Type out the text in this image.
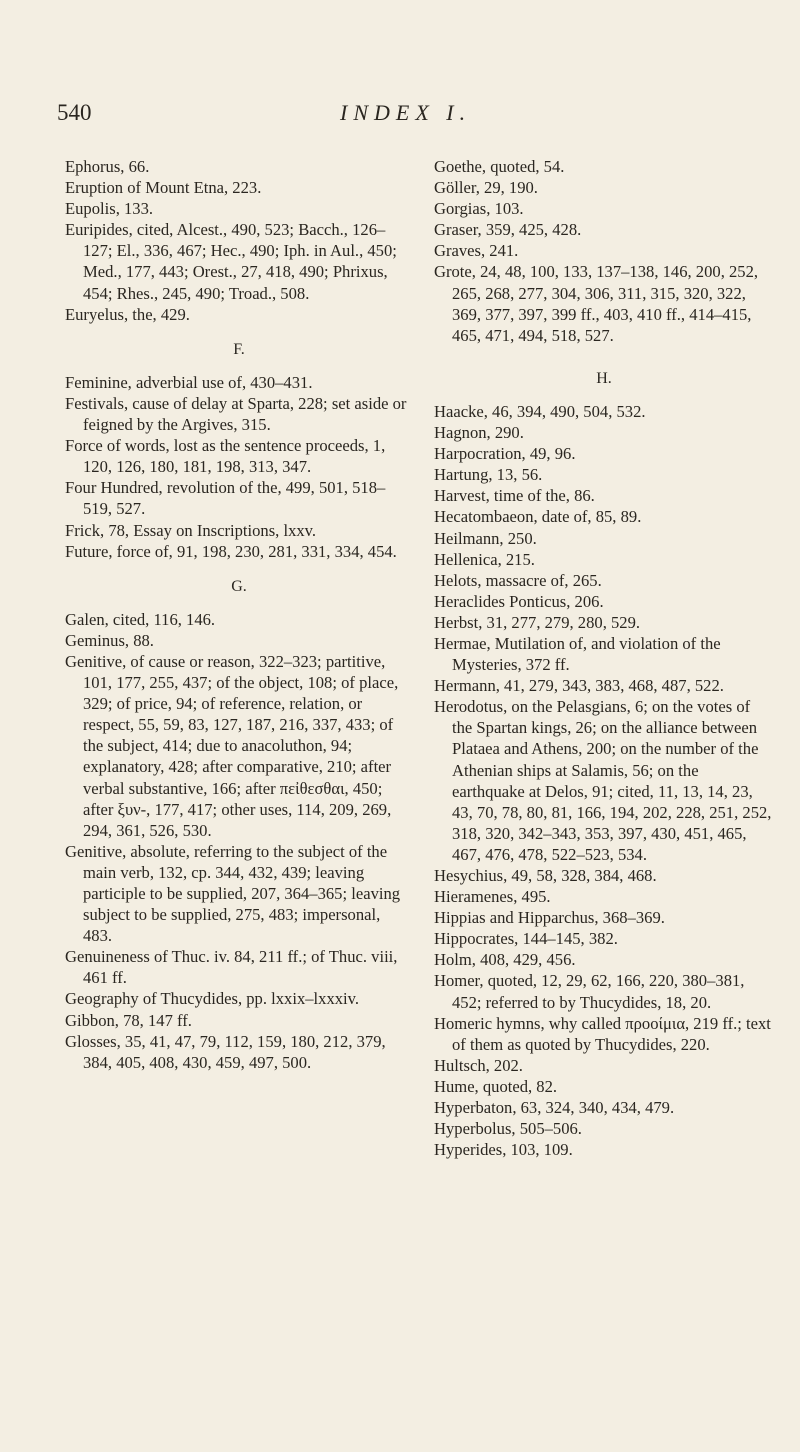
540	INDEX I.
Ephorus, 66.
Eruption of Mount Etna, 223.
Eupolis, 133.
Euripides, cited, Alcest., 490, 523; Bacch., 126–127; El., 336, 467; Hec., 490; Iph. in Aul., 450; Med., 177, 443; Orest., 27, 418, 490; Phrixus, 454; Rhes., 245, 490; Troad., 508.
Euryelus, the, 429.
F.
Feminine, adverbial use of, 430–431.
Festivals, cause of delay at Sparta, 228; set aside or feigned by the Argives, 315.
Force of words, lost as the sentence proceeds, 1, 120, 126, 180, 181, 198, 313, 347.
Four Hundred, revolution of the, 499, 501, 518–519, 527.
Frick, 78, Essay on Inscriptions, lxxv.
Future, force of, 91, 198, 230, 281, 331, 334, 454.
G.
Galen, cited, 116, 146.
Geminus, 88.
Genitive, of cause or reason, 322–323; partitive, 101, 177, 255, 437; of the object, 108; of place, 329; of price, 94; of reference, relation, or respect, 55, 59, 83, 127, 187, 216, 337, 433; of the subject, 414; due to anacoluthon, 94; explanatory, 428; after comparative, 210; after verbal substantive, 166; after πεἰθεσθαι, 450; after ξυν-, 177, 417; other uses, 114, 209, 269, 294, 361, 526, 530.
Genitive, absolute, referring to the subject of the main verb, 132, cp. 344, 432, 439; leaving participle to be supplied, 207, 364–365; leaving subject to be supplied, 275, 483; impersonal, 483.
Genuineness of Thuc. iv. 84, 211 ff.; of Thuc. viii, 461 ff.
Geography of Thucydides, pp. lxxix–lxxxiv.
Gibbon, 78, 147 ff.
Glosses, 35, 41, 47, 79, 112, 159, 180, 212, 379, 384, 405, 408, 430, 459, 497, 500.
Goethe, quoted, 54.
Göller, 29, 190.
Gorgias, 103.
Graser, 359, 425, 428.
Graves, 241.
Grote, 24, 48, 100, 133, 137–138, 146, 200, 252, 265, 268, 277, 304, 306, 311, 315, 320, 322, 369, 377, 397, 399 ff., 403, 410 ff., 414–415, 465, 471, 494, 518, 527.
H.
Haacke, 46, 394, 490, 504, 532.
Hagnon, 290.
Harpocration, 49, 96.
Hartung, 13, 56.
Harvest, time of the, 86.
Hecatombaeon, date of, 85, 89.
Heilmann, 250.
Hellenica, 215.
Helots, massacre of, 265.
Heraclides Ponticus, 206.
Herbst, 31, 277, 279, 280, 529.
Hermae, Mutilation of, and violation of the Mysteries, 372 ff.
Hermann, 41, 279, 343, 383, 468, 487, 522.
Herodotus, on the Pelasgians, 6; on the votes of the Spartan kings, 26; on the alliance between Plataea and Athens, 200; on the number of the Athenian ships at Salamis, 56; on the earthquake at Delos, 91; cited, 11, 13, 14, 23, 43, 70, 78, 80, 81, 166, 194, 202, 228, 251, 252, 318, 320, 342–343, 353, 397, 430, 451, 465, 467, 476, 478, 522–523, 534.
Hesychius, 49, 58, 328, 384, 468.
Hieramenes, 495.
Hippias and Hipparchus, 368–369.
Hippocrates, 144–145, 382.
Holm, 408, 429, 456.
Homer, quoted, 12, 29, 62, 166, 220, 380–381, 452; referred to by Thucydides, 18, 20.
Homeric hymns, why called προοίμια, 219 ff.; text of them as quoted by Thucydides, 220.
Hultsch, 202.
Hume, quoted, 82.
Hyperbaton, 63, 324, 340, 434, 479.
Hyperbolus, 505–506.
Hyperides, 103, 109.
